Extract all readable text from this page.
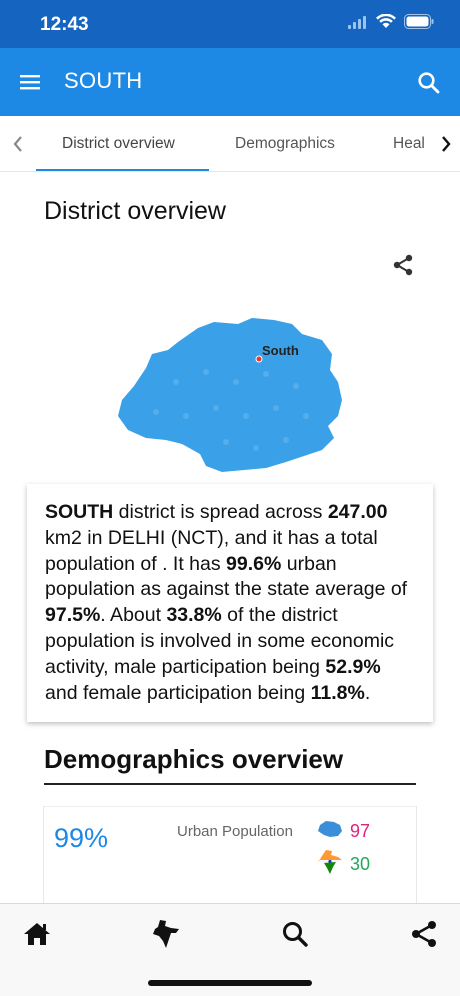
12:43
SOUTH
District overview	Demographics	Heal
District overview
South
SOUTH district is spread across 247.00 km2 in DELHI (NCT), and it has a total population of . It has 99.6% urban population as against the state average of 97.5%. About 33.8% of the district population is involved in some economic activity, male participation being 52.9% and female participation being 11.8%.
Demographics overview
99%	Urban Population	97
30
